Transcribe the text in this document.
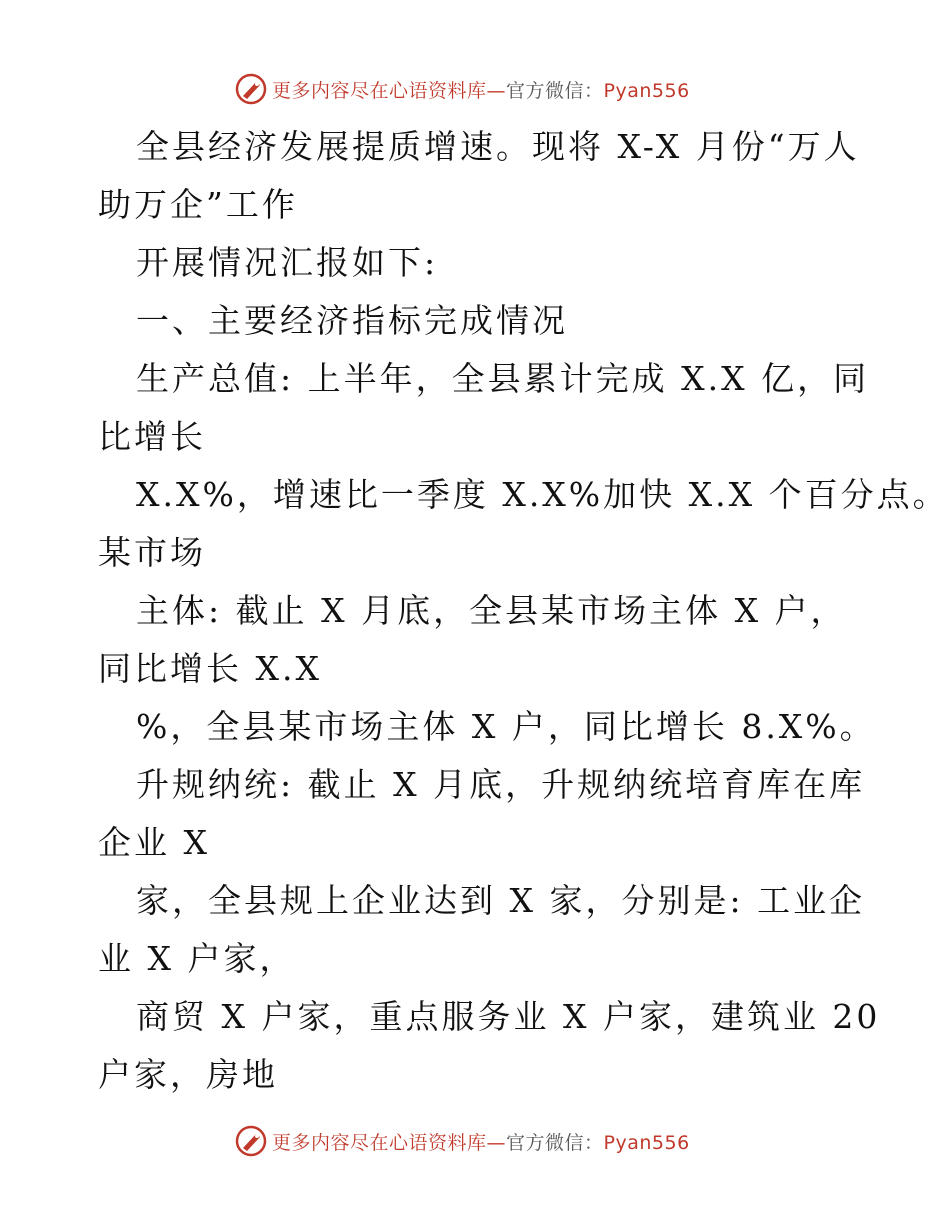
更多内容尽在心语资料库—官方微信：Pyan556
全县经济发展提质增速。现将 X-X 月份“万人
助万企”工作
开展情况汇报如下:
一、主要经济指标完成情况
生产总值: 上半年，全县累计完成 X.X 亿，同
比增长
X.X%，增速比一季度 X.X%加快 X.X 个百分点。
某市场
主体: 截止 X 月底，全县某市场主体 X 户，
同比增长 X.X
%，全县某市场主体 X 户，同比增长 8.X%。
升规纳统: 截止 X 月底，升规纳统培育库在库
企业 X
家，全县规上企业达到 X 家，分别是: 工业企
业 X 户家，
商贸 X 户家，重点服务业 X 户家，建筑业 20
户家，房地
更多内容尽在心语资料库—官方微信：Pyan556
